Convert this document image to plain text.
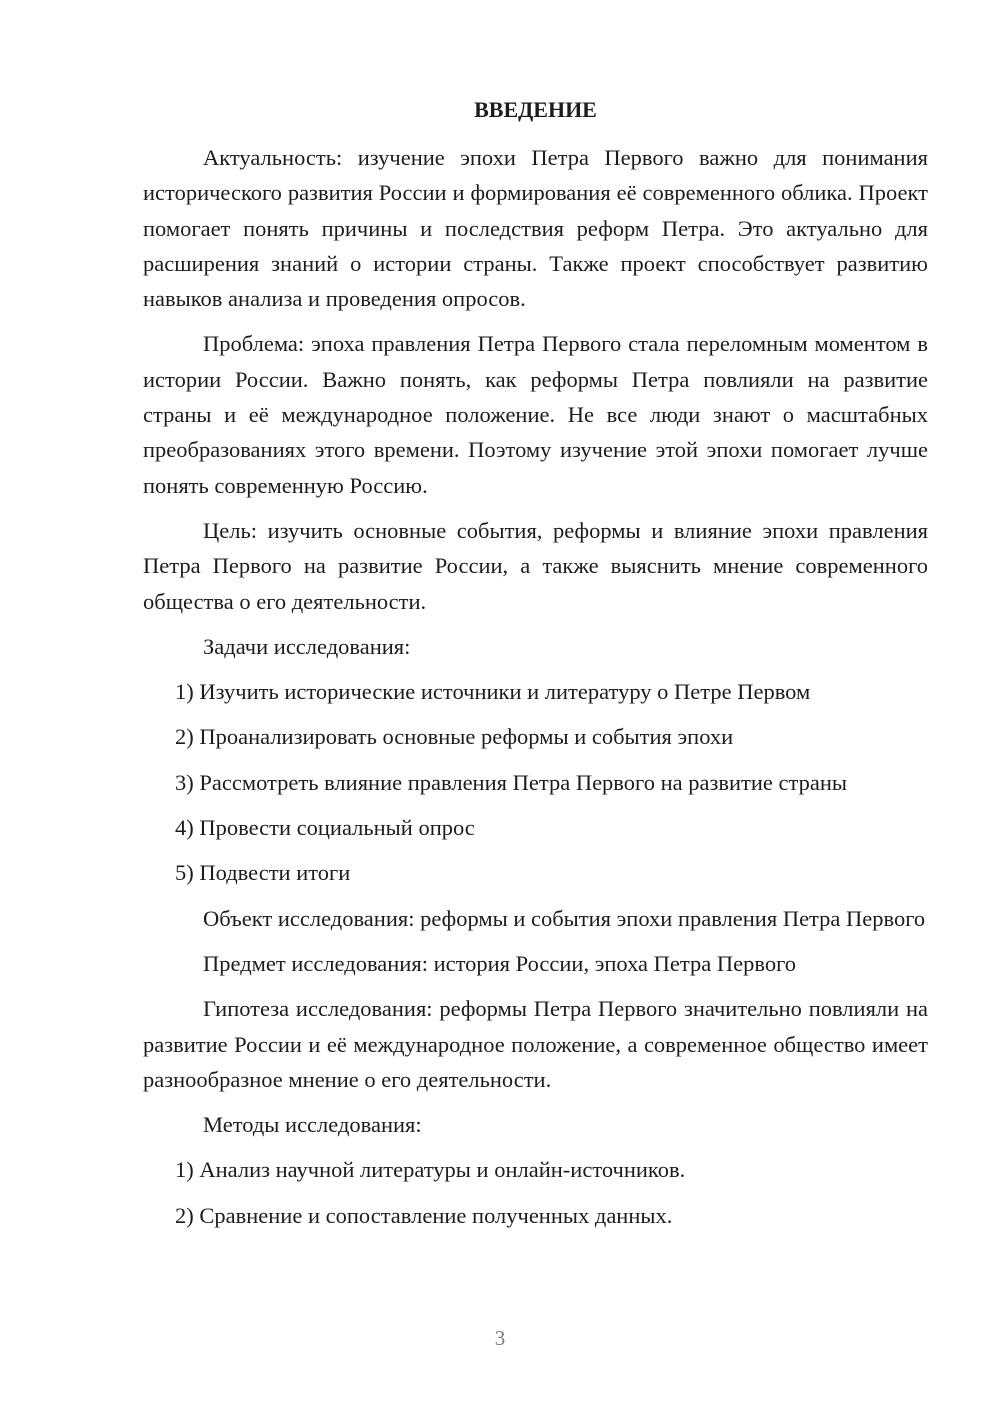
ВВЕДЕНИЕ

Актуальность: изучение эпохи Петра Первого важно для понимания исторического развития России и формирования её современного облика. Проект помогает понять причины и последствия реформ Петра. Это актуально для расширения знаний о истории страны. Также проект способствует развитию навыков анализа и проведения опросов.

Проблема: эпоха правления Петра Первого стала переломным моментом в истории России. Важно понять, как реформы Петра повлияли на развитие страны и её международное положение. Не все люди знают о масштабных преобразованиях этого времени. Поэтому изучение этой эпохи помогает лучше понять современную Россию.

Цель: изучить основные события, реформы и влияние эпохи правления Петра Первого на развитие России, а также выяснить мнение современного общества о его деятельности.

Задачи исследования:

1) Изучить исторические источники и литературу о Петре Первом

2) Проанализировать основные реформы и события эпохи

3) Рассмотреть влияние правления Петра Первого на развитие страны

4) Провести социальный опрос

5) Подвести итоги

Объект исследования: реформы и события эпохи правления Петра Первого

Предмет исследования: история России, эпоха Петра Первого

Гипотеза исследования: реформы Петра Первого значительно повлияли на развитие России и её международное положение, а современное общество имеет разнообразное мнение о его деятельности.

Методы исследования:

1) Анализ научной литературы и онлайн-источников.

2) Сравнение и сопоставление полученных данных.

3
